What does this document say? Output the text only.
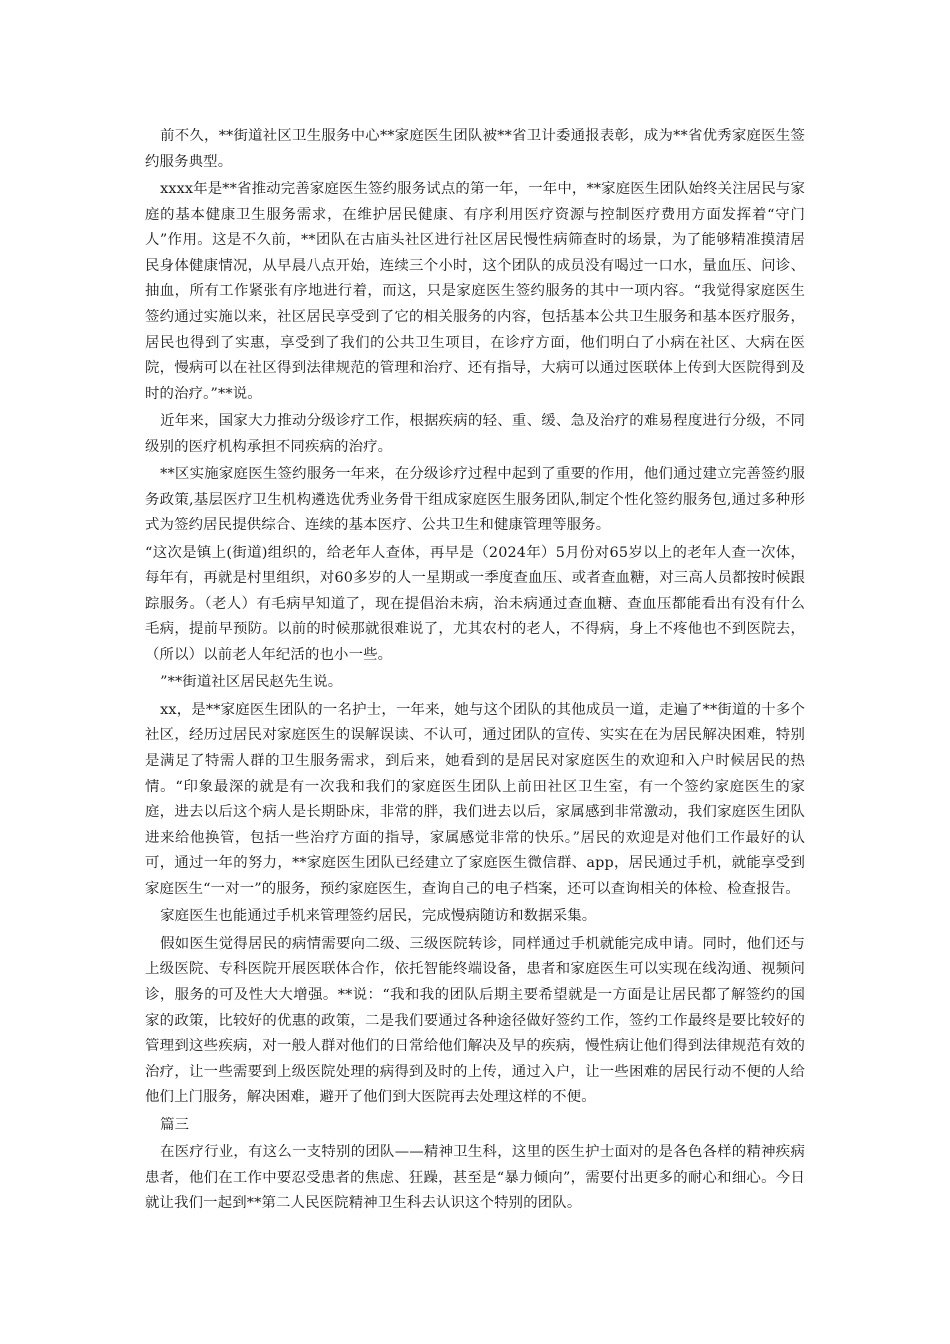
前不久，**街道社区卫生服务中心**家庭医生团队被**省卫计委通报表彰，成为**省优秀家庭医生签约服务典型。

xxxx年是**省推动完善家庭医生签约服务试点的第一年，一年中，**家庭医生团队始终关注居民与家庭的基本健康卫生服务需求，在维护居民健康、有序利用医疗资源与控制医疗费用方面发挥着“守门人”作用。这是不久前，**团队在古庙头社区进行社区居民慢性病筛查时的场景，为了能够精准摸清居民身体健康情况，从早晨八点开始，连续三个小时，这个团队的成员没有喝过一口水，量血压、问诊、抽血，所有工作紧张有序地进行着，而这，只是家庭医生签约服务的其中一项内容。“我觉得家庭医生签约通过实施以来，社区居民享受到了它的相关服务的内容，包括基本公共卫生服务和基本医疗服务，居民也得到了实惠，享受到了我们的公共卫生项目，在诊疗方面，他们明白了小病在社区、大病在医院，慢病可以在社区得到法律规范的管理和治疗、还有指导，大病可以通过医联体上传到大医院得到及时的治疗。”**说。

近年来，国家大力推动分级诊疗工作，根据疾病的轻、重、缓、急及治疗的难易程度进行分级，不同级别的医疗机构承担不同疾病的治疗。

**区实施家庭医生签约服务一年来，在分级诊疗过程中起到了重要的作用，他们通过建立完善签约服务政策,基层医疗卫生机构遴选优秀业务骨干组成家庭医生服务团队,制定个性化签约服务包,通过多种形式为签约居民提供综合、连续的基本医疗、公共卫生和健康管理等服务。

“这次是镇上(街道)组织的，给老年人查体，再早是（2024年）5月份对65岁以上的老年人查一次体，每年有，再就是村里组织，对60多岁的人一星期或一季度查血压、或者查血糖，对三高人员都按时候跟踪服务。（老人）有毛病早知道了，现在提倡治未病，治未病通过查血糖、查血压都能看出有没有什么毛病，提前早预防。以前的时候那就很难说了，尤其农村的老人，不得病，身上不疼他也不到医院去，（所以）以前老人年纪活的也小一些。

”**街道社区居民赵先生说。

xx，是**家庭医生团队的一名护士，一年来，她与这个团队的其他成员一道，走遍了**街道的十多个社区，经历过居民对家庭医生的误解误读、不认可，通过团队的宣传、实实在在为居民解决困难，特别是满足了特需人群的卫生服务需求，到后来，她看到的是居民对家庭医生的欢迎和入户时候居民的热情。“印象最深的就是有一次我和我们的家庭医生团队上前田社区卫生室，有一个签约家庭医生的家庭，进去以后这个病人是长期卧床，非常的胖，我们进去以后，家属感到非常激动，我们家庭医生团队进来给他换管，包括一些治疗方面的指导，家属感觉非常的快乐。”居民的欢迎是对他们工作最好的认可，通过一年的努力，**家庭医生团队已经建立了家庭医生微信群、app，居民通过手机，就能享受到家庭医生“一对一”的服务，预约家庭医生，查询自己的电子档案，还可以查询相关的体检、检查报告。

家庭医生也能通过手机来管理签约居民，完成慢病随访和数据采集。

假如医生觉得居民的病情需要向二级、三级医院转诊，同样通过手机就能完成申请。同时，他们还与上级医院、专科医院开展医联体合作，依托智能终端设备，患者和家庭医生可以实现在线沟通、视频问诊，服务的可及性大大增强。**说：“我和我的团队后期主要希望就是一方面是让居民都了解签约的国家的政策，比较好的优惠的政策，二是我们要通过各种途径做好签约工作，签约工作最终是要比较好的管理到这些疾病，对一般人群对他们的日常给他们解决及早的疾病，慢性病让他们得到法律规范有效的治疗，让一些需要到上级医院处理的病得到及时的上传，通过入户，让一些困难的居民行动不便的人给他们上门服务，解决困难，避开了他们到大医院再去处理这样的不便。

篇三

在医疗行业，有这么一支特别的团队——精神卫生科，这里的医生护士面对的是各色各样的精神疾病患者，他们在工作中要忍受患者的焦虑、狂躁，甚至是“暴力倾向”，需要付出更多的耐心和细心。今日就让我们一起到**第二人民医院精神卫生科去认识这个特别的团队。
